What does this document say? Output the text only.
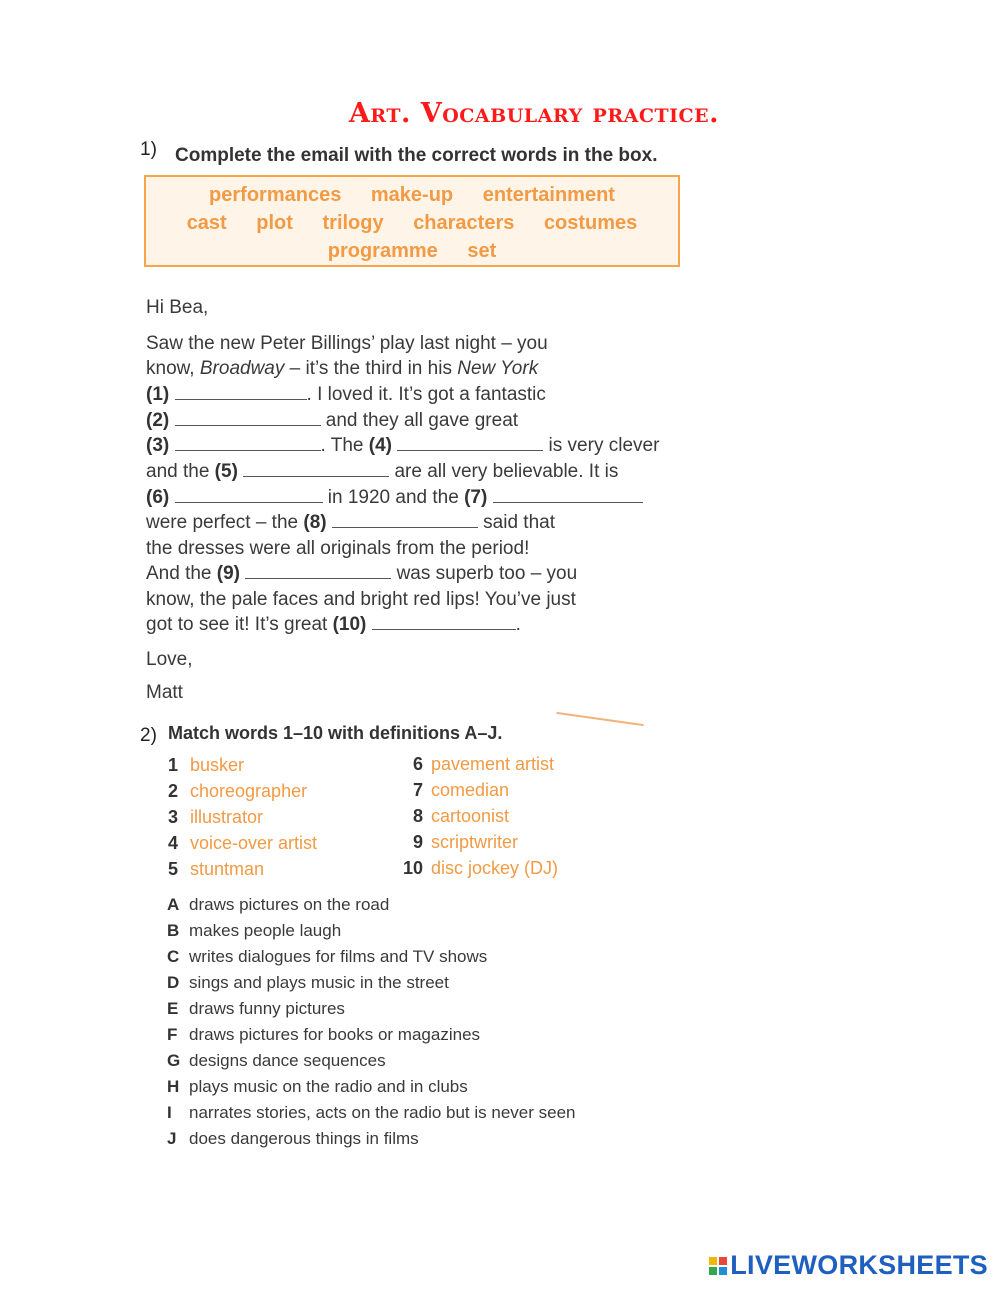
Art. Vocabulary practice.
1) Complete the email with the correct words in the box.
performances make-up entertainment
cast plot trilogy characters costumes
programme set
Hi Bea,
Saw the new Peter Billings’ play last night – you
know, Broadway – it’s the third in his New York
(1)	. I loved it. It’s got a fantastic
(2)	and they all gave great
(3)	. The (4)	is very clever
and the (5)	are all very believable. It is
(6)	in 1920 and the (7)
were perfect – the (8)	said that
the dresses were all originals from the period!
And the (9)	was superb too – you
know, the pale faces and bright red lips! You’ve just
got to see it! It’s great (10)	.
Love,
Matt
2) Match words 1–10 with definitions A–J.
1 busker
2 choreographer
3 illustrator
4 voice-over artist
5 stuntman
6 pavement artist
7 comedian
8 cartoonist
9 scriptwriter
10 disc jockey (DJ)
A draws pictures on the road
B makes people laugh
C writes dialogues for films and TV shows
D sings and plays music in the street
E draws funny pictures
F draws pictures for books or magazines
G designs dance sequences
H plays music on the radio and in clubs
I narrates stories, acts on the radio but is never seen
J does dangerous things in films
LIVEWORKSHEETS
